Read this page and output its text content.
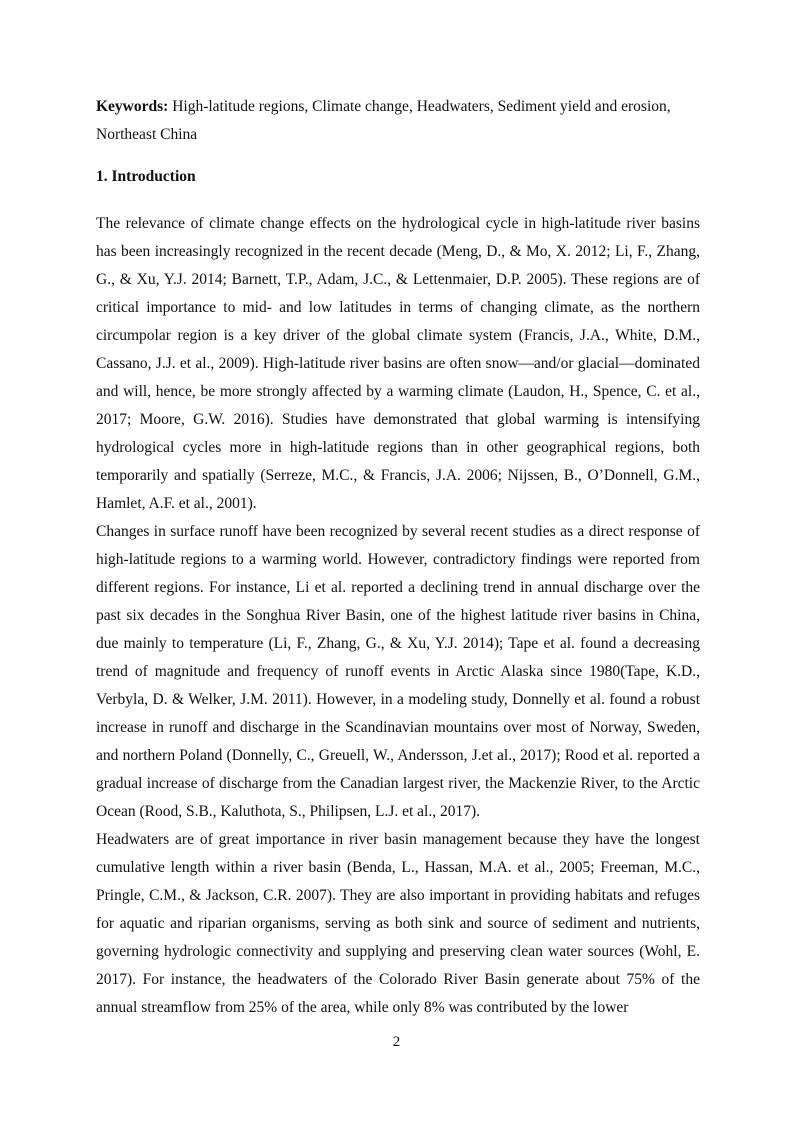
Keywords: High-latitude regions, Climate change, Headwaters, Sediment yield and erosion, Northeast China
1. Introduction

The relevance of climate change effects on the hydrological cycle in high-latitude river basins has been increasingly recognized in the recent decade (Meng, D., & Mo, X. 2012; Li, F., Zhang, G., & Xu, Y.J. 2014; Barnett, T.P., Adam, J.C., & Lettenmaier, D.P. 2005). These regions are of critical importance to mid- and low latitudes in terms of changing climate, as the northern circumpolar region is a key driver of the global climate system (Francis, J.A., White, D.M., Cassano, J.J. et al., 2009). High-latitude river basins are often snow—and/or glacial—dominated and will, hence, be more strongly affected by a warming climate (Laudon, H., Spence, C. et al., 2017; Moore, G.W. 2016). Studies have demonstrated that global warming is intensifying hydrological cycles more in high-latitude regions than in other geographical regions, both temporarily and spatially (Serreze, M.C., & Francis, J.A. 2006; Nijssen, B., O’Donnell, G.M., Hamlet, A.F. et al., 2001).

Changes in surface runoff have been recognized by several recent studies as a direct response of high-latitude regions to a warming world. However, contradictory findings were reported from different regions. For instance, Li et al. reported a declining trend in annual discharge over the past six decades in the Songhua River Basin, one of the highest latitude river basins in China, due mainly to temperature (Li, F., Zhang, G., & Xu, Y.J. 2014); Tape et al. found a decreasing trend of magnitude and frequency of runoff events in Arctic Alaska since 1980(Tape, K.D., Verbyla, D. & Welker, J.M. 2011). However, in a modeling study, Donnelly et al. found a robust increase in runoff and discharge in the Scandinavian mountains over most of Norway, Sweden, and northern Poland (Donnelly, C., Greuell, W., Andersson, J.et al., 2017); Rood et al. reported a gradual increase of discharge from the Canadian largest river, the Mackenzie River, to the Arctic Ocean (Rood, S.B., Kaluthota, S., Philipsen, L.J. et al., 2017).

Headwaters are of great importance in river basin management because they have the longest cumulative length within a river basin (Benda, L., Hassan, M.A. et al., 2005; Freeman, M.C., Pringle, C.M., & Jackson, C.R. 2007). They are also important in providing habitats and refuges for aquatic and riparian organisms, serving as both sink and source of sediment and nutrients, governing hydrologic connectivity and supplying and preserving clean water sources (Wohl, E. 2017). For instance, the headwaters of the Colorado River Basin generate about 75% of the annual streamflow from 25% of the area, while only 8% was contributed by the lower

2
